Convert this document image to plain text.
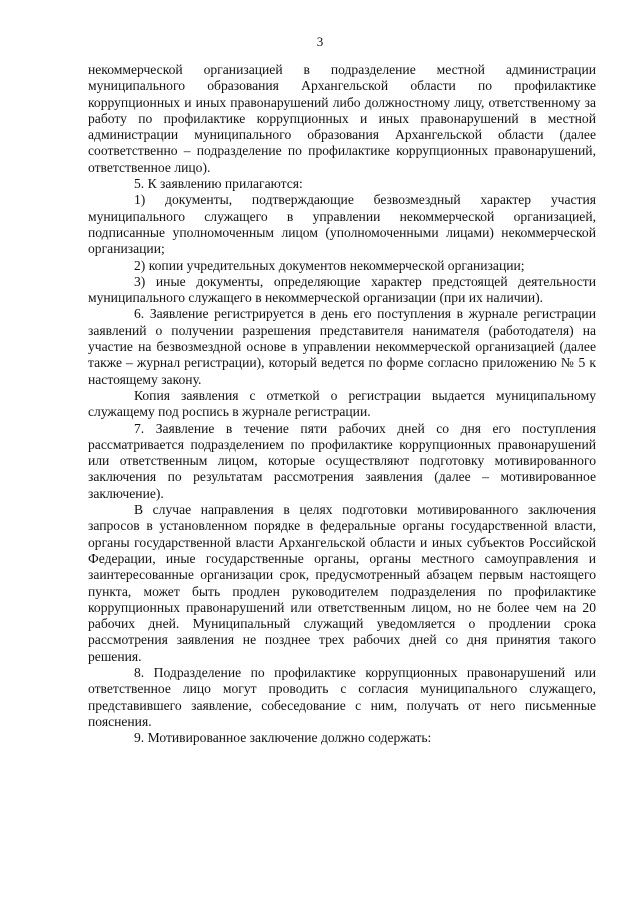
3

некоммерческой организацией в подразделение местной администрации муниципального образования Архангельской области по профилактике коррупционных и иных правонарушений либо должностному лицу, ответственному за работу по профилактике коррупционных и иных правонарушений в местной администрации муниципального образования Архангельской области (далее соответственно – подразделение по профилактике коррупционных правонарушений, ответственное лицо).

5. К заявлению прилагаются:

1) документы, подтверждающие безвозмездный характер участия муниципального служащего в управлении некоммерческой организацией, подписанные уполномоченным лицом (уполномоченными лицами) некоммерческой организации;

2) копии учредительных документов некоммерческой организации;

3) иные документы, определяющие характер предстоящей деятельности муниципального служащего в некоммерческой организации (при их наличии).

6. Заявление регистрируется в день его поступления в журнале регистрации заявлений о получении разрешения представителя нанимателя (работодателя) на участие на безвозмездной основе в управлении некоммерческой организацией (далее также – журнал регистрации), который ведется по форме согласно приложению № 5 к настоящему закону.

Копия заявления с отметкой о регистрации выдается муниципальному служащему под роспись в журнале регистрации.

7. Заявление в течение пяти рабочих дней со дня его поступления рассматривается подразделением по профилактике коррупционных правонарушений или ответственным лицом, которые осуществляют подготовку мотивированного заключения по результатам рассмотрения заявления (далее – мотивированное заключение).

В случае направления в целях подготовки мотивированного заключения запросов в установленном порядке в федеральные органы государственной власти, органы государственной власти Архангельской области и иных субъектов Российской Федерации, иные государственные органы, органы местного самоуправления и заинтересованные организации срок, предусмотренный абзацем первым настоящего пункта, может быть продлен руководителем подразделения по профилактике коррупционных правонарушений или ответственным лицом, но не более чем на 20 рабочих дней. Муниципальный служащий уведомляется о продлении срока рассмотрения заявления не позднее трех рабочих дней со дня принятия такого решения.

8. Подразделение по профилактике коррупционных правонарушений или ответственное лицо могут проводить с согласия муниципального служащего, представившего заявление, собеседование с ним, получать от него письменные пояснения.

9. Мотивированное заключение должно содержать:
